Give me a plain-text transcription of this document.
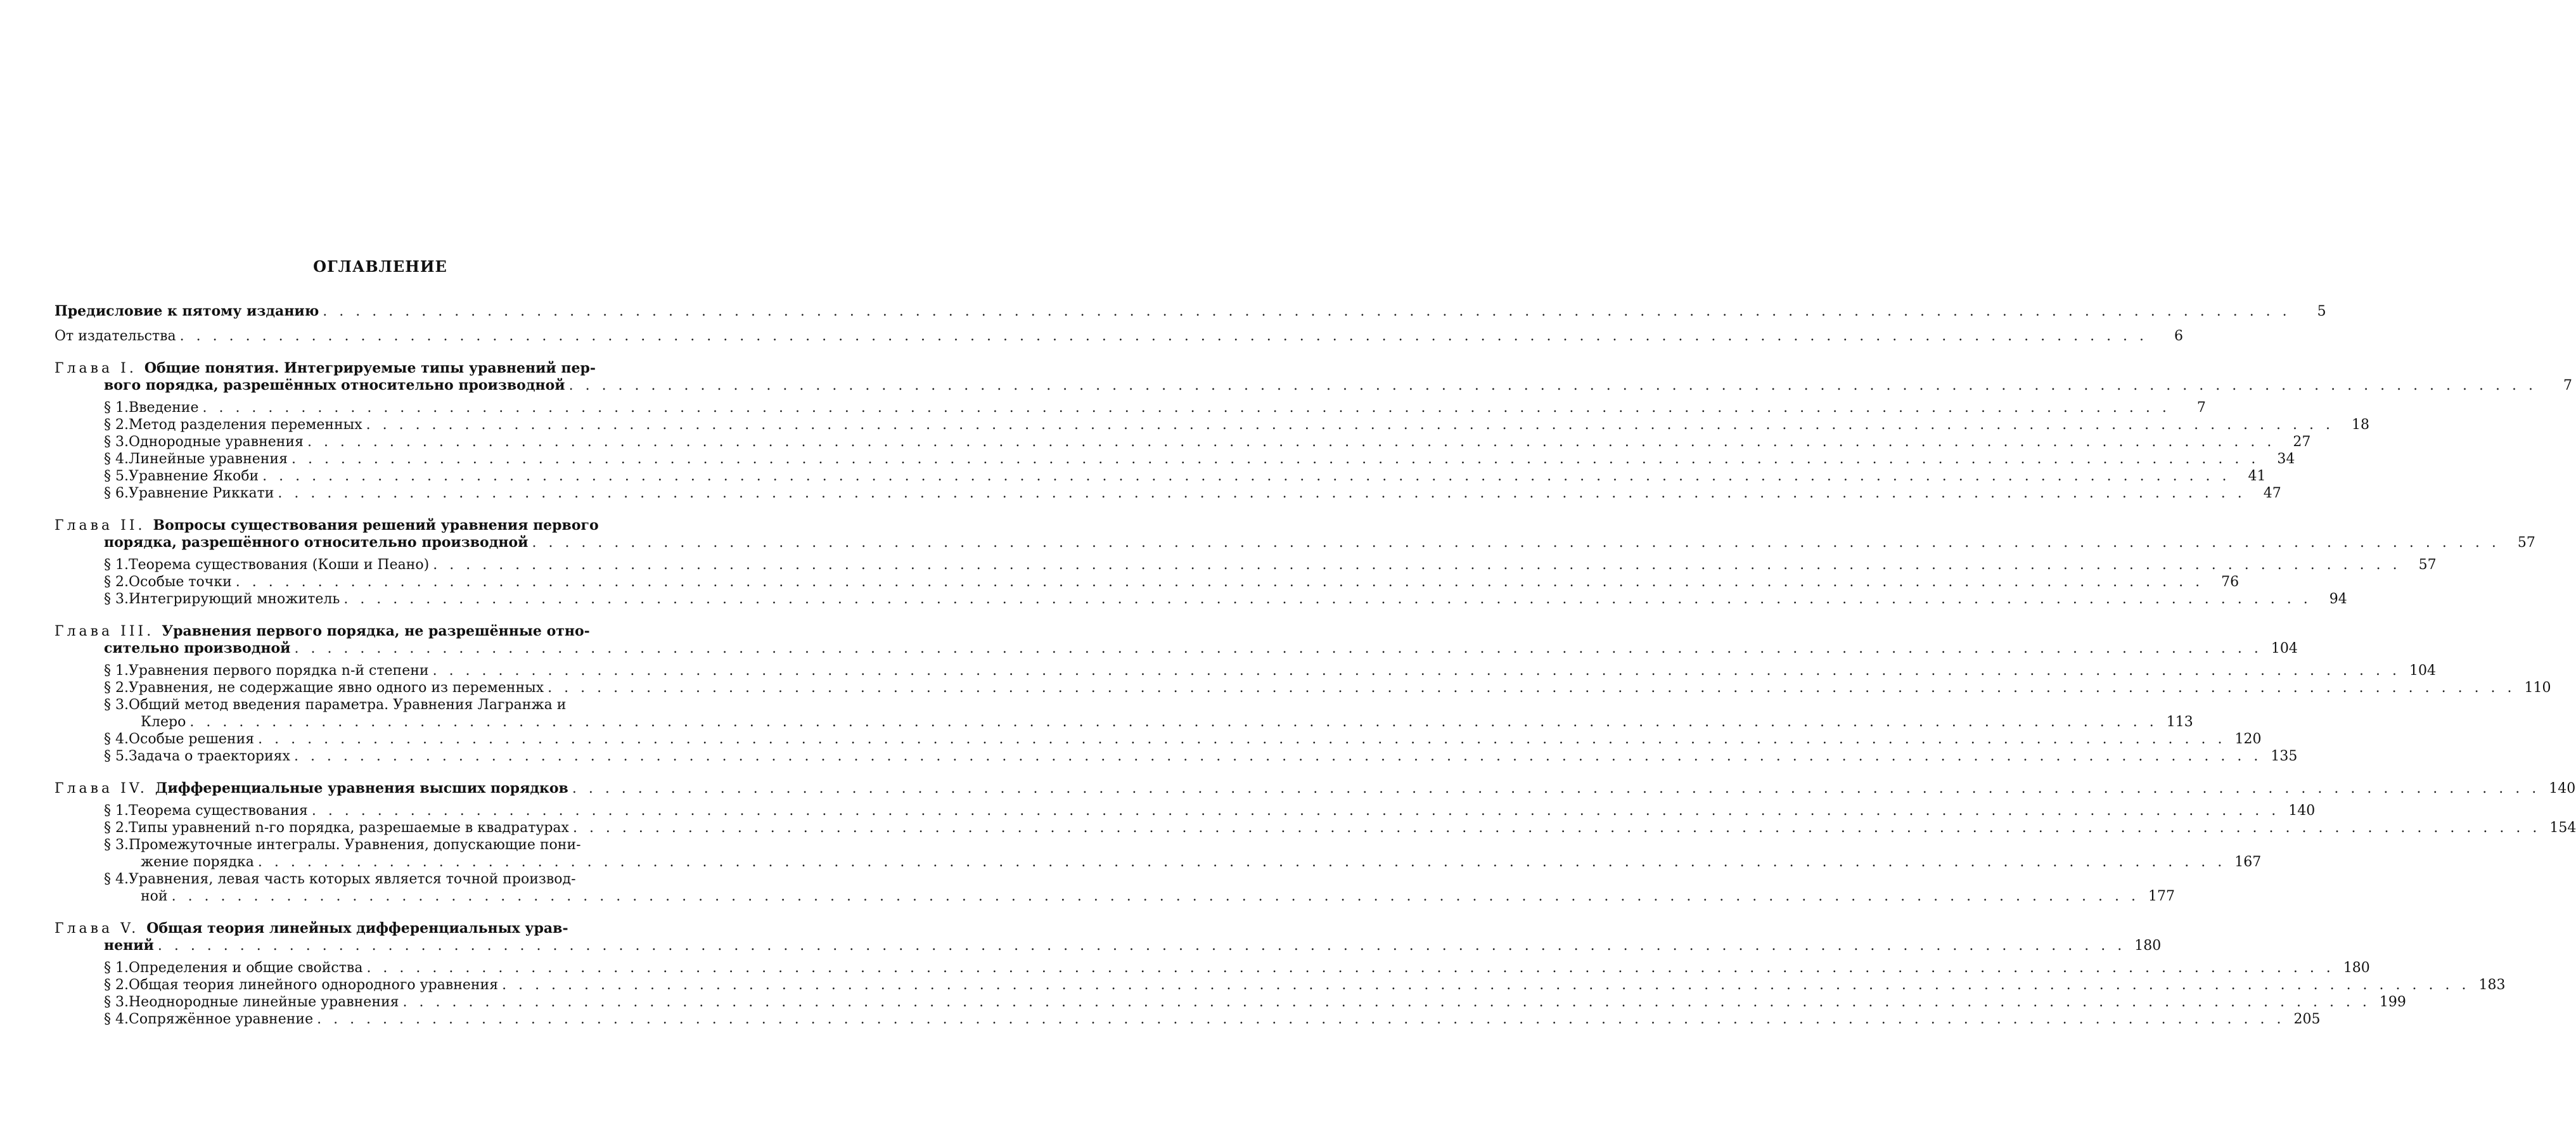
ОГЛАВЛЕНИЕ
Предисловие к пятому изданию . . . . . . . . . . . . . . . . . . . . . . . . . . . . . . . . . . . . . . . . . . . . . . . . . . . . . . . . . . . . . . . . . . . . . . . . . . . . . . . . . . . . . . . . . . . . . . . . . . . . . . . . . . . . . . . . . . . . . . . .	5
От издательства . . . . . . . . . . . . . . . . . . . . . . . . . . . . . . . . . . . . . . . . . . . . . . . . . . . . . . . . . . . . . . . . . . . . . . . . . . . . . . . . . . . . . . . . . . . . . . . . . . . . . . . . . . . . . . . . . . . . . . . .	6
Глава I. Общие понятия. Интегрируемые типы уравнений пер-
вого порядка, разрешённых относительно производной . . . . . . . . . . . . . . . . . . . . . . . . . . . . . . . . . . . . . . . . . . . . . . . . . . . . . . . . . . . . . . . . . . . . . . . . . . . . . . . . . . . . . . . . . . . . . . . . . . . . . . . . . . . . . . . . . . . . . . . .	7
§ 1. Введение . . . . . . . . . . . . . . . . . . . . . . . . . . . . . . . . . . . . . . . . . . . . . . . . . . . . . . . . . . . . . . . . . . . . . . . . . . . . . . . . . . . . . . . . . . . . . . . . . . . . . . . . . . . . . . . . . . . . . . . .	7
§ 2. Метод разделения переменных . . . . . . . . . . . . . . . . . . . . . . . . . . . . . . . . . . . . . . . . . . . . . . . . . . . . . . . . . . . . . . . . . . . . . . . . . . . . . . . . . . . . . . . . . . . . . . . . . . . . . . . . . . . . . . . . . . . . . . . .	18
§ 3. Однородные уравнения . . . . . . . . . . . . . . . . . . . . . . . . . . . . . . . . . . . . . . . . . . . . . . . . . . . . . . . . . . . . . . . . . . . . . . . . . . . . . . . . . . . . . . . . . . . . . . . . . . . . . . . . . . . . . . . . . . . . . . . .	27
§ 4. Линейные уравнения . . . . . . . . . . . . . . . . . . . . . . . . . . . . . . . . . . . . . . . . . . . . . . . . . . . . . . . . . . . . . . . . . . . . . . . . . . . . . . . . . . . . . . . . . . . . . . . . . . . . . . . . . . . . . . . . . . . . . . . .	34
§ 5. Уравнение Якоби . . . . . . . . . . . . . . . . . . . . . . . . . . . . . . . . . . . . . . . . . . . . . . . . . . . . . . . . . . . . . . . . . . . . . . . . . . . . . . . . . . . . . . . . . . . . . . . . . . . . . . . . . . . . . . . . . . . . . . . .	41
§ 6. Уравнение Риккати . . . . . . . . . . . . . . . . . . . . . . . . . . . . . . . . . . . . . . . . . . . . . . . . . . . . . . . . . . . . . . . . . . . . . . . . . . . . . . . . . . . . . . . . . . . . . . . . . . . . . . . . . . . . . . . . . . . . . . . .	47
Глава II. Вопросы существования решений уравнения первого
порядка, разрешённого относительно производной . . . . . . . . . . . . . . . . . . . . . . . . . . . . . . . . . . . . . . . . . . . . . . . . . . . . . . . . . . . . . . . . . . . . . . . . . . . . . . . . . . . . . . . . . . . . . . . . . . . . . . . . . . . . . . . . . . . . . . . .	57
§ 1. Теорема существования (Коши и Пеано) . . . . . . . . . . . . . . . . . . . . . . . . . . . . . . . . . . . . . . . . . . . . . . . . . . . . . . . . . . . . . . . . . . . . . . . . . . . . . . . . . . . . . . . . . . . . . . . . . . . . . . . . . . . . . . . . . . . . . . . .	57
§ 2. Особые точки . . . . . . . . . . . . . . . . . . . . . . . . . . . . . . . . . . . . . . . . . . . . . . . . . . . . . . . . . . . . . . . . . . . . . . . . . . . . . . . . . . . . . . . . . . . . . . . . . . . . . . . . . . . . . . . . . . . . . . . .	76
§ 3. Интегрирующий множитель . . . . . . . . . . . . . . . . . . . . . . . . . . . . . . . . . . . . . . . . . . . . . . . . . . . . . . . . . . . . . . . . . . . . . . . . . . . . . . . . . . . . . . . . . . . . . . . . . . . . . . . . . . . . . . . . . . . . . . . .	94
Глава III. Уравнения первого порядка, не разрешённые отно-
сительно производной . . . . . . . . . . . . . . . . . . . . . . . . . . . . . . . . . . . . . . . . . . . . . . . . . . . . . . . . . . . . . . . . . . . . . . . . . . . . . . . . . . . . . . . . . . . . . . . . . . . . . . . . . . . . . . . . . . . . . . . . 104
§ 1. Уравнения первого порядка n-й степени . . . . . . . . . . . . . . . . . . . . . . . . . . . . . . . . . . . . . . . . . . . . . . . . . . . . . . . . . . . . . . . . . . . . . . . . . . . . . . . . . . . . . . . . . . . . . . . . . . . . . . . . . . . . . . . . . . . . . . . . 104
§ 2. Уравнения, не содержащие явно одного из переменных . . . . . . . . . . . . . . . . . . . . . . . . . . . . . . . . . . . . . . . . . . . . . . . . . . . . . . . . . . . . . . . . . . . . . . . . . . . . . . . . . . . . . . . . . . . . . . . . . . . . . . . . . . . . . . . . . . . . . . . . 110
§ 3. Общий метод введения параметра. Уравнения Лагранжа и
Клеро . . . . . . . . . . . . . . . . . . . . . . . . . . . . . . . . . . . . . . . . . . . . . . . . . . . . . . . . . . . . . . . . . . . . . . . . . . . . . . . . . . . . . . . . . . . . . . . . . . . . . . . . . . . . . . . . . . . . . . . . 113
§ 4. Особые решения . . . . . . . . . . . . . . . . . . . . . . . . . . . . . . . . . . . . . . . . . . . . . . . . . . . . . . . . . . . . . . . . . . . . . . . . . . . . . . . . . . . . . . . . . . . . . . . . . . . . . . . . . . . . . . . . . . . . . . . . 120
§ 5. Задача о траекториях . . . . . . . . . . . . . . . . . . . . . . . . . . . . . . . . . . . . . . . . . . . . . . . . . . . . . . . . . . . . . . . . . . . . . . . . . . . . . . . . . . . . . . . . . . . . . . . . . . . . . . . . . . . . . . . . . . . . . . . . 135
Глава IV. Дифференциальные уравнения высших порядков . . . . . . . . . . . . . . . . . . . . . . . . . . . . . . . . . . . . . . . . . . . . . . . . . . . . . . . . . . . . . . . . . . . . . . . . . . . . . . . . . . . . . . . . . . . . . . . . . . . . . . . . . . . . . . . . . . . . . . . . 140
§ 1. Теорема существования . . . . . . . . . . . . . . . . . . . . . . . . . . . . . . . . . . . . . . . . . . . . . . . . . . . . . . . . . . . . . . . . . . . . . . . . . . . . . . . . . . . . . . . . . . . . . . . . . . . . . . . . . . . . . . . . . . . . . . . . 140
§ 2. Типы уравнений n-го порядка, разрешаемые в квадратурах . . . . . . . . . . . . . . . . . . . . . . . . . . . . . . . . . . . . . . . . . . . . . . . . . . . . . . . . . . . . . . . . . . . . . . . . . . . . . . . . . . . . . . . . . . . . . . . . . . . . . . . . . . . . . . . . . . . . . . . . 154
§ 3. Промежуточные интегралы. Уравнения, допускающие пони-
жение порядка . . . . . . . . . . . . . . . . . . . . . . . . . . . . . . . . . . . . . . . . . . . . . . . . . . . . . . . . . . . . . . . . . . . . . . . . . . . . . . . . . . . . . . . . . . . . . . . . . . . . . . . . . . . . . . . . . . . . . . . . 167
§ 4. Уравнения, левая часть которых является точной производ-
ной . . . . . . . . . . . . . . . . . . . . . . . . . . . . . . . . . . . . . . . . . . . . . . . . . . . . . . . . . . . . . . . . . . . . . . . . . . . . . . . . . . . . . . . . . . . . . . . . . . . . . . . . . . . . . . . . . . . . . . . . 177
Глава V. Общая теория линейных дифференциальных урав-
нений . . . . . . . . . . . . . . . . . . . . . . . . . . . . . . . . . . . . . . . . . . . . . . . . . . . . . . . . . . . . . . . . . . . . . . . . . . . . . . . . . . . . . . . . . . . . . . . . . . . . . . . . . . . . . . . . . . . . . . . . 180
§ 1. Определения и общие свойства . . . . . . . . . . . . . . . . . . . . . . . . . . . . . . . . . . . . . . . . . . . . . . . . . . . . . . . . . . . . . . . . . . . . . . . . . . . . . . . . . . . . . . . . . . . . . . . . . . . . . . . . . . . . . . . . . . . . . . . . 180
§ 2. Общая теория линейного однородного уравнения . . . . . . . . . . . . . . . . . . . . . . . . . . . . . . . . . . . . . . . . . . . . . . . . . . . . . . . . . . . . . . . . . . . . . . . . . . . . . . . . . . . . . . . . . . . . . . . . . . . . . . . . . . . . . . . . . . . . . . . . 183
§ 3. Неоднородные линейные уравнения . . . . . . . . . . . . . . . . . . . . . . . . . . . . . . . . . . . . . . . . . . . . . . . . . . . . . . . . . . . . . . . . . . . . . . . . . . . . . . . . . . . . . . . . . . . . . . . . . . . . . . . . . . . . . . . . . . . . . . . . 199
§ 4. Сопряжённое уравнение . . . . . . . . . . . . . . . . . . . . . . . . . . . . . . . . . . . . . . . . . . . . . . . . . . . . . . . . . . . . . . . . . . . . . . . . . . . . . . . . . . . . . . . . . . . . . . . . . . . . . . . . . . . . . . . . . . . . . . . . 205
